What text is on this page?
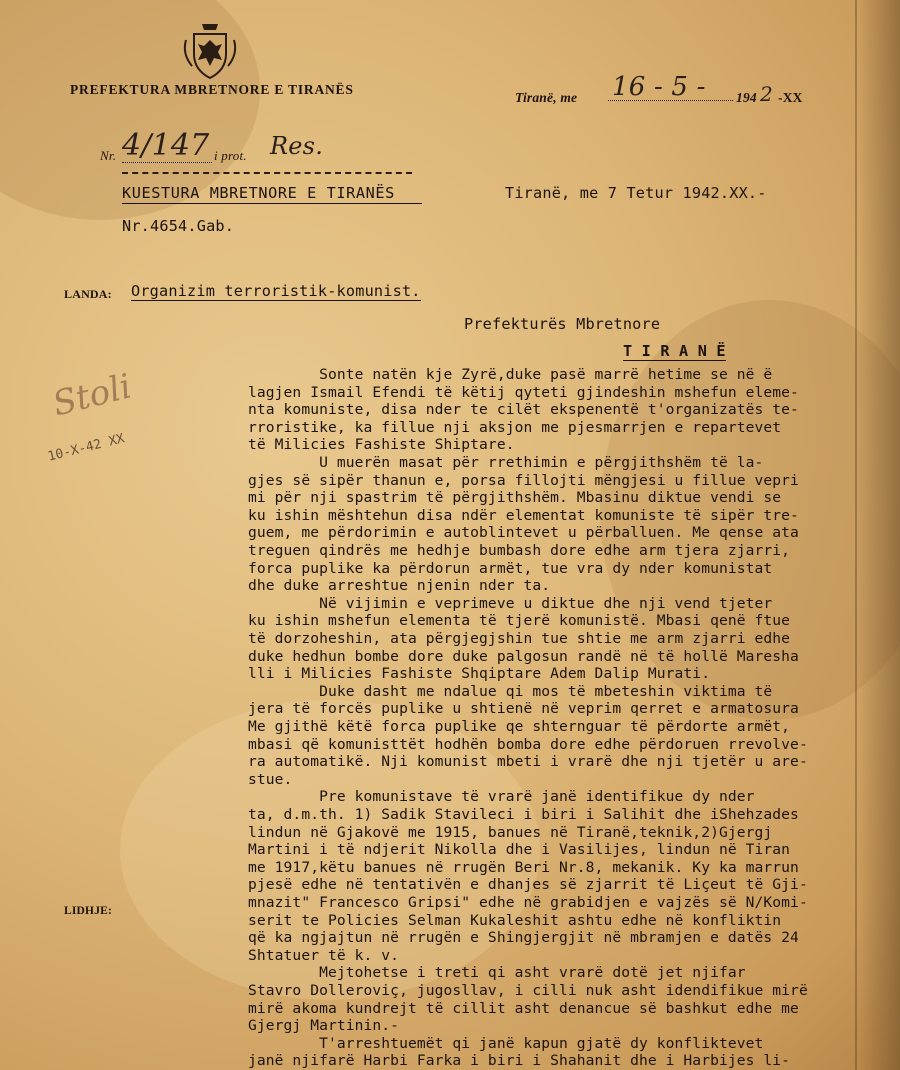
PREFEKTURA MBRETNORE E TIRANËS
Tiranë, me 16 - 5 - 194 2 -XX
Nr. 4/147 i prot. Res.
KUESTURA MBRETNORE E TIRANËS	Tiranë, me 7 Tetur 1942.XX.-
Nr.4654.Gab.
LANDA: Organizim terroristik-komunist.
Prefekturës Mbretnore
T I R A N Ë
Stoli
10-X-42 XX
LIDHJE:
Sonte natën kje Zyrë,duke pasë marrë hetime se në ë
lagjen Ismail Efendi të këtij qyteti gjindeshin mshefun eleme-
nta komuniste, disa nder te cilët ekspenentë t'organizatës te-
rroristike, ka fillue nji aksjon me pjesmarrjen e repartevet
të Milicies Fashiste Shiptare.
U muerën masat për rrethimin e përgjithshëm të la-
gjes së sipër thanun e, porsa fillojti mëngjesi u fillue vepri
mi për nji spastrim të përgjithshëm. Mbasinu diktue vendi se
ku ishin mështehun disa ndër elementat komuniste të sipër tre-
guem, me përdorimin e autoblintevet u përballuen. Me qense ata
treguen qindrës me hedhje bumbash dore edhe arm tjera zjarri,
forca puplike ka përdorun armët, tue vra dy nder komunistat
dhe duke arreshtue njenin nder ta.
Në vijimin e veprimeve u diktue dhe nji vend tjeter
ku ishin mshefun elementa të tjerë komunistë. Mbasi qenë ftue
të dorzoheshin, ata përgjegjshin tue shtie me arm zjarri edhe
duke hedhun bombe dore duke palgosun randë në të hollë Maresha
lli i Milicies Fashiste Shqiptare Adem Dalip Murati.
Duke dasht me ndalue qi mos të mbeteshin viktima të
jera të forcës puplike u shtienë në veprim qerret e armatosura
Me gjithë këtë forca puplike qe shternguar të përdorte armët,
mbasi që komunisttët hodhën bomba dore edhe përdoruen rrevolve-
ra automatikë. Nji komunist mbeti i vrarë dhe nji tjetër u are-
stue.
Pre komunistave të vrarë janë identifikue dy nder
ta, d.m.th. 1) Sadik Stavileci i biri i Salihit dhe iShehzades
lindun në Gjakovë me 1915, banues në Tiranë,teknik,2)Gjergj
Martini i të ndjerit Nikolla dhe i Vasilijes, lindun në Tiran
me 1917,këtu banues në rrugën Beri Nr.8, mekanik. Ky ka marrun
pjesë edhe në tentativën e dhanjes së zjarrit të Liçeut të Gji-
mnazit" Francesco Gripsi" edhe në grabidjen e vajzës së N/Komi-
serit te Policies Selman Kukaleshit ashtu edhe në konfliktin
që ka ngjajtun në rrugën e Shingjergjit në mbramjen e datës 24
Shtatuer të k. v.
Mejtohetse i treti qi asht vrarë dotë jet njifar
Stavro Dolleroviç, jugosllav, i cilli nuk asht idendifikue mirë
mirë akoma kundrejt të cillit asht denancue së bashkut edhe me
Gjergj Martinin.-
T'arreshtuemët qi janë kapun gjatë dy konfliktevet
janë njifarë Harbi Farka i biri i Shahanit dhe i Harbijes li-
